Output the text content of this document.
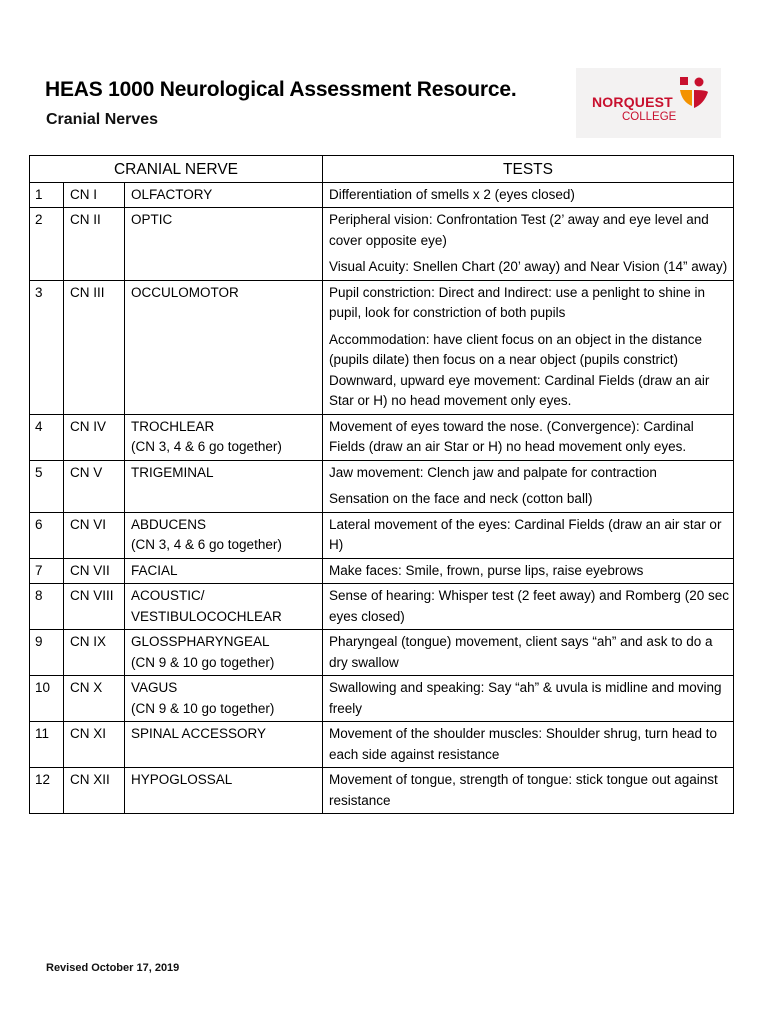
HEAS 1000 Neurological Assessment Resource.
Cranial Nerves
NORQUEST
COLLEGE
CRANIAL NERVE			TESTS
1	CN I	OLFACTORY	Differentiation of smells x 2 (eyes closed)

2	CN II	OPTIC	Peripheral vision: Confrontation Test (2’ away and eye level and cover opposite eye)

Visual Acuity: Snellen Chart (20’ away) and Near Vision (14” away)

3	CN III	OCCULOMOTOR	Pupil constriction: Direct and Indirect: use a penlight to shine in pupil, look for constriction of both pupils

Accommodation: have client focus on an object in the distance (pupils dilate) then focus on a near object (pupils constrict)

Downward, upward eye movement: Cardinal Fields (draw an air Star or H) no head movement only eyes.

4	CN IV	TROCHLEAR
(CN 3, 4 & 6 go together)	Movement of eyes toward the nose. (Convergence): Cardinal Fields (draw an air Star or H) no head movement only eyes.

5	CN V	TRIGEMINAL	Jaw movement: Clench jaw and palpate for contraction

Sensation on the face and neck (cotton ball)

6	CN VI	ABDUCENS
(CN 3, 4 & 6 go together)	Lateral movement of the eyes: Cardinal Fields (draw an air star or H)

7	CN VII	FACIAL	Make faces: Smile, frown, purse lips, raise eyebrows

8	CN VIII	ACOUSTIC/
VESTIBULOCOCHLEAR	Sense of hearing: Whisper test (2 feet away) and Romberg (20 sec eyes closed)

9	CN IX	GLOSSPHARYNGEAL
(CN 9 & 10 go together)	Pharyngeal (tongue) movement, client says “ah” and ask to do a dry swallow

10	CN X	VAGUS
(CN 9 & 10 go together)	Swallowing and speaking: Say “ah” & uvula is midline and moving freely

11	CN XI	SPINAL ACCESSORY	Movement of the shoulder muscles: Shoulder shrug, turn head to each side against resistance

12	CN XII	HYPOGLOSSAL	Movement of tongue, strength of tongue: stick tongue out against resistance

Revised October 17, 2019
